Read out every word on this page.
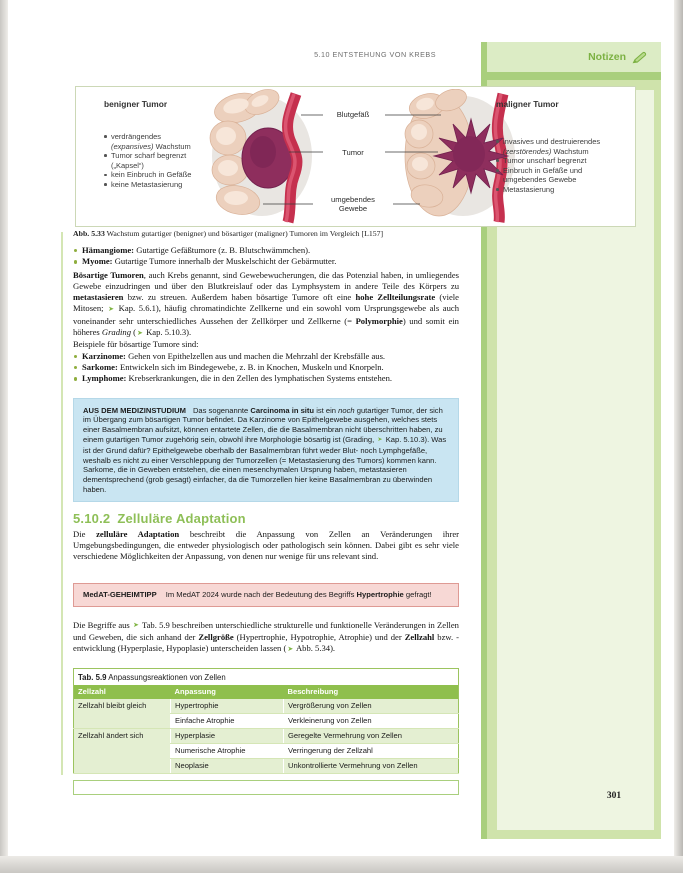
5.10 ENTSTEHUNG VON KREBS	Notizen
301
benigner Tumor
verdrängendes (expansives) Wachstum
Tumor scharf begrenzt („Kapsel“)
kein Einbruch in Gefäße
keine Metastasierung
Blutgefäß
Tumor
umgebendes Gewebe
maligner Tumor
invasives und destruierendes (zerstörendes) Wachstum
Tumor unscharf begrenzt
Einbruch in Gefäße und umgebendes Gewebe
Metastasierung
Abb. 5.33 Wachstum gutartiger (benigner) und bösartiger (maligner) Tumoren im Vergleich [L157]
Hämangiome: Gutartige Gefäßtumore (z. B. Blutschwämmchen).
Myome: Gutartige Tumore innerhalb der Muskelschicht der Gebärmutter.
Bösartige Tumoren, auch Krebs genannt, sind Gewebewucherungen, die das Potenzial haben, in umliegendes Gewebe einzudringen und über den Blutkreislauf oder das Lymphsystem in andere Teile des Körpers zu metastasieren bzw. zu streuen. Außerdem haben bösartige Tumore oft eine hohe Zellteilungsrate (viele Mitosen; ➤ Kap. 5.6.1), häufig chromatindichte Zellkerne und ein sowohl vom Ursprungsgewebe als auch voneinander sehr unterschiedliches Aussehen der Zellkörper und Zellkerne (= Polymorphie) und somit ein höheres Grading (➤ Kap. 5.10.3).
Beispiele für bösartige Tumore sind:
Karzinome: Gehen von Epithelzellen aus und machen die Mehrzahl der Krebsfälle aus.
Sarkome: Entwickeln sich im Bindegewebe, z. B. in Knochen, Muskeln und Knorpeln.
Lymphome: Krebserkrankungen, die in den Zellen des lymphatischen Systems entstehen.
AUS DEM MEDIZINSTUDIUM Das sogenannte Carcinoma in situ ist ein noch gutartiger Tumor, der sich im Übergang zum bösartigen Tumor befindet. Da Karzinome von Epithelgewebe ausgehen, welches stets einer Basalmembran aufsitzt, können entartete Zellen, die die Basalmembran nicht überschritten haben, zu einem gutartigen Tumor zugehörig sein, obwohl ihre Morphologie bösartig ist (Grading, ➤ Kap. 5.10.3). Was ist der Grund dafür? Epithelgewebe oberhalb der Basalmembran führt weder Blut- noch Lymphgefäße, weshalb es nicht zu einer Verschleppung der Tumorzellen (= Metastasierung des Tumors) kommen kann.
Sarkome, die in Geweben entstehen, die einen mesenchymalen Ursprung haben, metastasieren dementsprechend (grob gesagt) einfacher, da die Tumorzellen hier keine Basalmembran zu überwinden haben.
5.10.2 Zelluläre Adaptation
Die zelluläre Adaptation beschreibt die Anpassung von Zellen an Veränderungen ihrer Umgebungsbedingungen, die entweder physiologisch oder pathologisch sein können. Dabei gibt es sehr viele verschiedene Möglichkeiten der Anpassung, von denen nur wenige für uns relevant sind.
MedAT-GEHEIMTIPP Im MedAT 2024 wurde nach der Bedeutung des Begriffs Hypertrophie gefragt!
Die Begriffe aus ➤ Tab. 5.9 beschreiben unterschiedliche strukturelle und funktionelle Veränderungen in Zellen und Geweben, die sich anhand der Zellgröße (Hypertrophie, Hypotrophie, Atrophie) und der Zellzahl bzw. -entwicklung (Hyperplasie, Hypoplasie) unterscheiden lassen (➤ Abb. 5.34).
Tab. 5.9 Anpassungsreaktionen von Zellen		
Zellzahl	Anpassung	Beschreibung
Zellzahl bleibt gleich	Hypertrophie	Vergrößerung von Zellen
	Einfache Atrophie	Verkleinerung von Zellen
Zellzahl ändert sich	Hyperplasie	Geregelte Vermehrung von Zellen
	Numerische Atrophie	Verringerung der Zellzahl
	Neoplasie	Unkontrollierte Vermehrung von Zellen
